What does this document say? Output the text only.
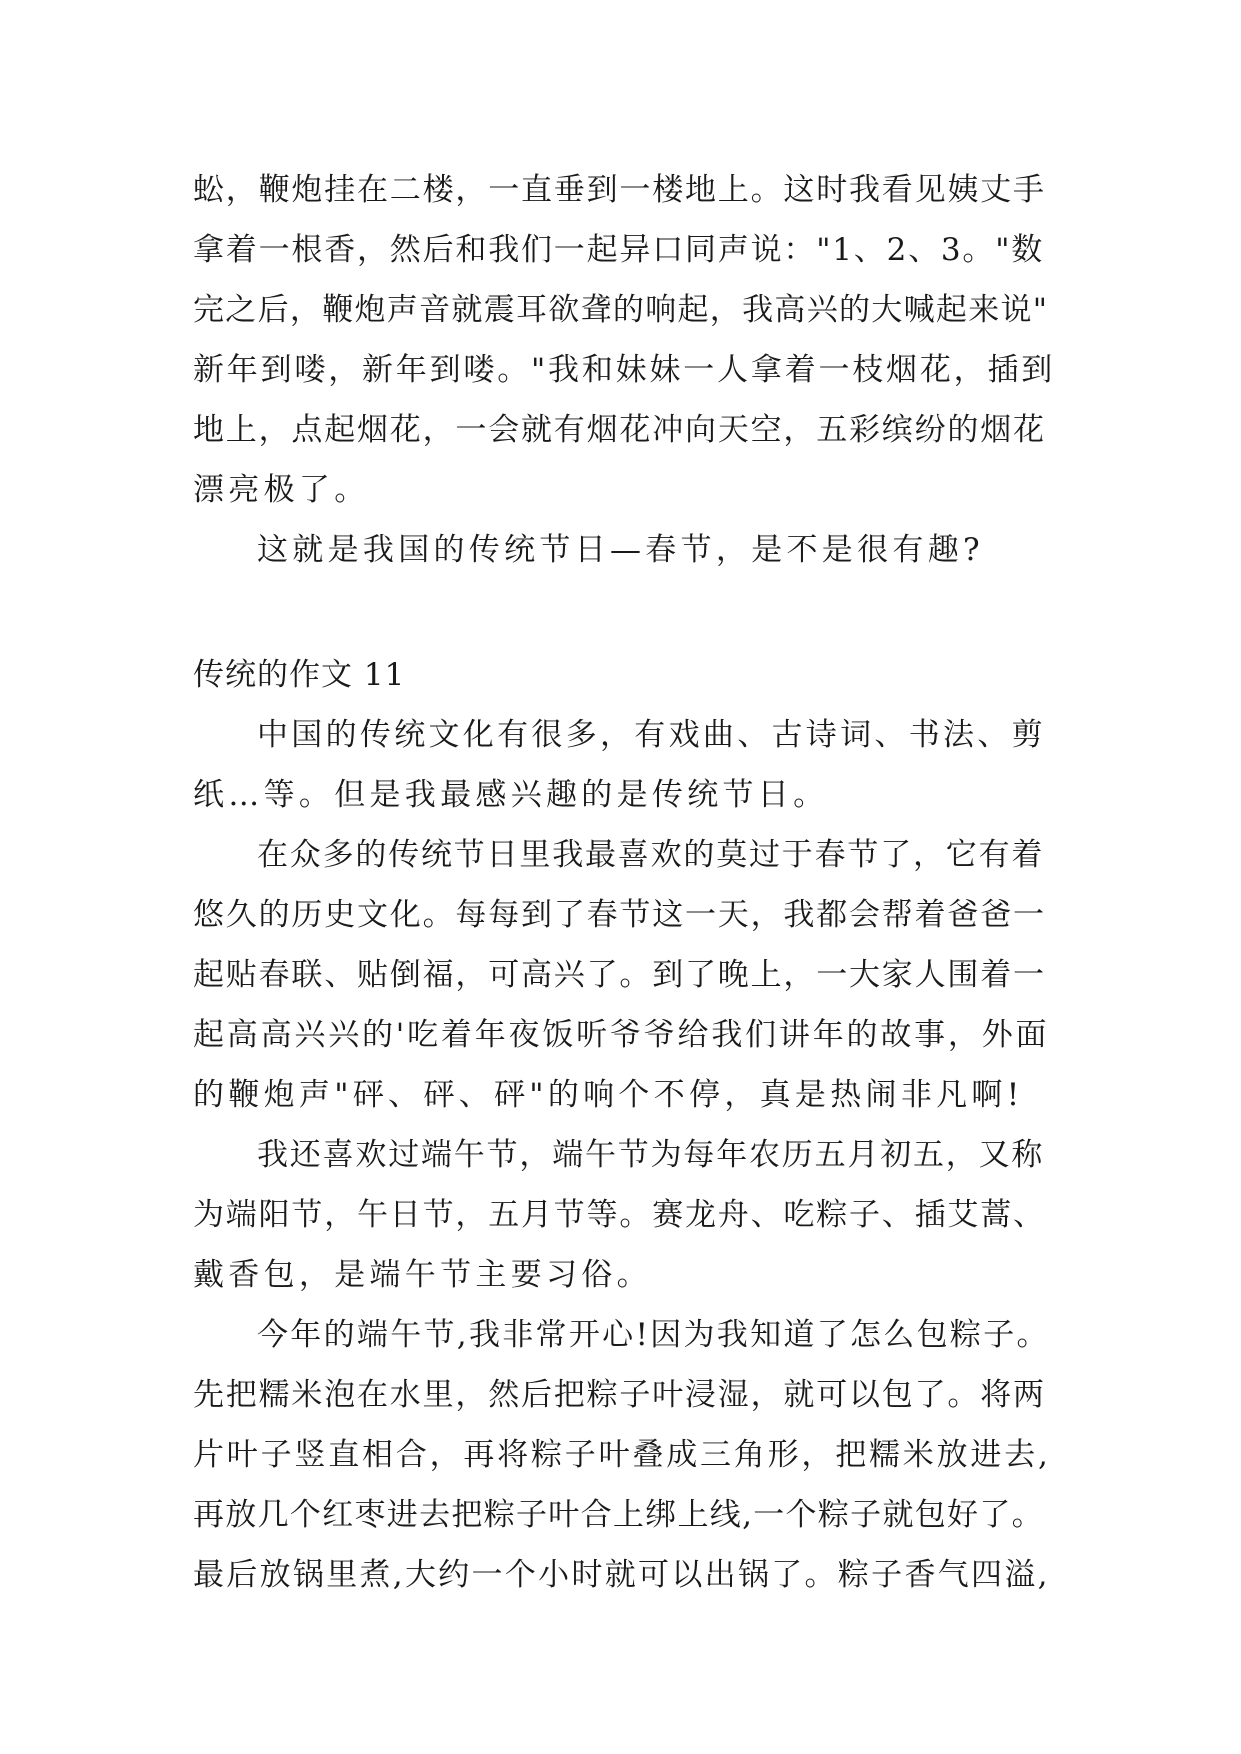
蚣，鞭炮挂在二楼，一直垂到一楼地上。这时我看见姨丈手
拿着一根香，然后和我们一起异口同声说："1、2、3。"数
完之后，鞭炮声音就震耳欲聋的响起，我高兴的大喊起来说"
新年到喽，新年到喽。"我和妹妹一人拿着一枝烟花，插到
地上，点起烟花，一会就有烟花冲向天空，五彩缤纷的烟花
漂亮极了。
这就是我国的传统节日—春节，是不是很有趣?
传统的作文 11
中国的传统文化有很多，有戏曲、古诗词、书法、剪
纸…等。但是我最感兴趣的是传统节日。
在众多的传统节日里我最喜欢的莫过于春节了，它有着
悠久的历史文化。每每到了春节这一天，我都会帮着爸爸一
起贴春联、贴倒福，可高兴了。到了晚上，一大家人围着一
起高高兴兴的'吃着年夜饭听爷爷给我们讲年的故事，外面
的鞭炮声"砰、砰、砰"的响个不停，真是热闹非凡啊!
我还喜欢过端午节，端午节为每年农历五月初五，又称
为端阳节，午日节，五月节等。赛龙舟、吃粽子、插艾蒿、
戴香包，是端午节主要习俗。
今年的端午节,我非常开心!因为我知道了怎么包粽子。
先把糯米泡在水里，然后把粽子叶浸湿，就可以包了。将两
片叶子竖直相合，再将粽子叶叠成三角形，把糯米放进去,
再放几个红枣进去把粽子叶合上绑上线,一个粽子就包好了。
最后放锅里煮,大约一个小时就可以出锅了。粽子香气四溢,
